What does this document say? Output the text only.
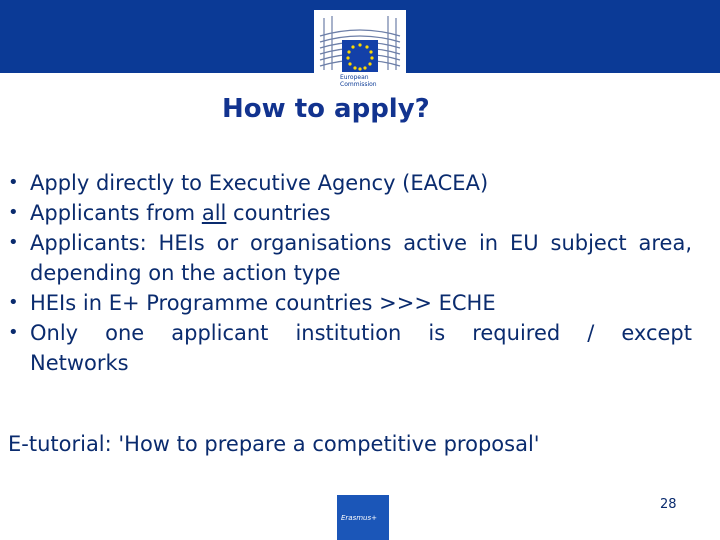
European
Commission
How to apply?
• Apply directly to Executive Agency (EACEA)
• Applicants from all countries
• Applicants: HEIs or organisations active in EU subject area, depending on the action type
• HEIs in E+ Programme countries >>> ECHE
• Only one applicant institution is required / except Networks

E-tutorial: 'How to prepare a competitive proposal'

Erasmus+
28
